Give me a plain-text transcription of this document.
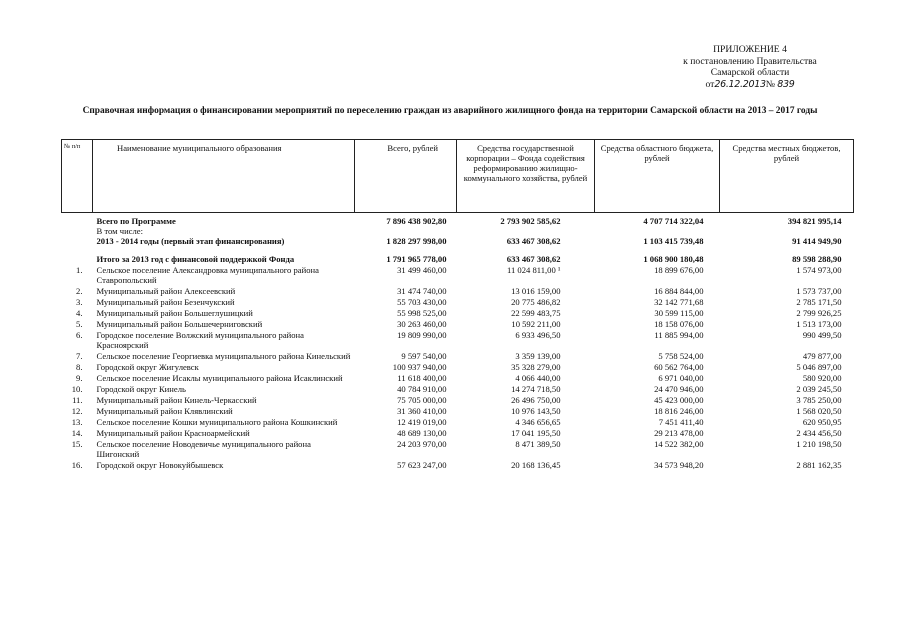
ПРИЛОЖЕНИЕ 4
к постановлению Правительства
Самарской области
от26.12.2013№ 839
Справочная информация о финансировании мероприятий по переселению граждан из аварийного жилищного фонда на территории Самарской области на 2013 – 2017 годы
№ п/п	Наименование муниципального образования	Всего, рублей	Средства государственной корпорации – Фонда содействия реформированию жилищно-коммунального хозяйства, рублей	Средства областного бюджета, рублей	Средства местных бюджетов, рублей
	Всего по Программе	7 896 438 902,80	2 793 902 585,62	4 707 714 322,04	394 821 995,14
	В том числе:				
	2013 - 2014 годы (первый этап финансирования)	1 828 297 998,00	633 467 308,62	1 103 415 739,48	91 414 949,90
	Итого за 2013 год с финансовой поддержкой Фонда	1 791 965 778,00	633 467 308,62	1 068 900 180,48	89 598 288,90
1.	Сельское поселение Александровка муниципального района Ставропольский	31 499 460,00	11 024 811,00 ¹	18 899 676,00	1 574 973,00
2.	Муниципальный район Алексеевский	31 474 740,00	13 016 159,00	16 884 844,00	1 573 737,00
3.	Муниципальный район Безенчукский	55 703 430,00	20 775 486,82	32 142 771,68	2 785 171,50
4.	Муниципальный район Большеглушицкий	55 998 525,00	22 599 483,75	30 599 115,00	2 799 926,25
5.	Муниципальный район Большечерниговский	30 263 460,00	10 592 211,00	18 158 076,00	1 513 173,00
6.	Городское поселение Волжский муниципального района Красноярский	19 809 990,00	6 933 496,50	11 885 994,00	990 499,50
7.	Сельское поселение Георгиевка муниципального района Кинельский	9 597 540,00	3 359 139,00	5 758 524,00	479 877,00
8.	Городской округ Жигулевск	100 937 940,00	35 328 279,00	60 562 764,00	5 046 897,00
9.	Сельское поселение Исаклы муниципального района Исаклинский	11 618 400,00	4 066 440,00	6 971 040,00	580 920,00
10.	Городской округ Кинель	40 784 910,00	14 274 718,50	24 470 946,00	2 039 245,50
11.	Муниципальный район Кинель-Черкасский	75 705 000,00	26 496 750,00	45 423 000,00	3 785 250,00
12.	Муниципальный район Клявлинский	31 360 410,00	10 976 143,50	18 816 246,00	1 568 020,50
13.	Сельское поселение Кошки муниципального района Кошкинский	12 419 019,00	4 346 656,65	7 451 411,40	620 950,95
14.	Муниципальный район Красноармейский	48 689 130,00	17 041 195,50	29 213 478,00	2 434 456,50
15.	Сельское поселение Новодевичье муниципального района Шигонский	24 203 970,00	8 471 389,50	14 522 382,00	1 210 198,50
16.	Городской округ Новокуйбышевск	57 623 247,00	20 168 136,45	34 573 948,20	2 881 162,35
